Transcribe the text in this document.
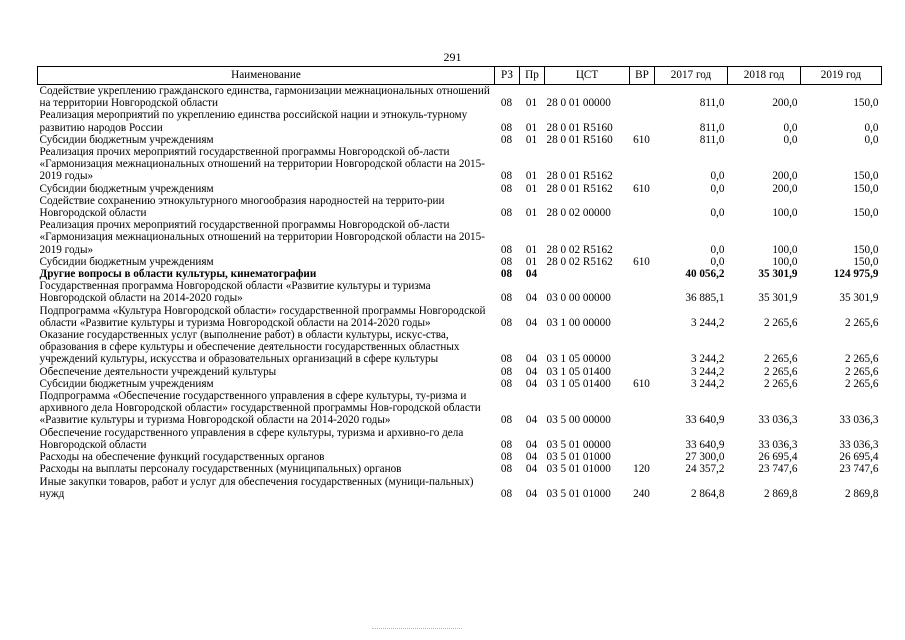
291
Наименование	РЗ	Пр	ЦСТ	ВР	2017 год	2018 год	2019 год
Содействие укреплению гражданского единства, гармонизации межнациональных отношений на территории Новгородской области	08	01	28 0 01 00000		811,0	200,0	150,0
Реализация мероприятий по укреплению единства российской нации и этнокуль-турному развитию народов России	08	01	28 0 01 R5160		811,0	0,0	0,0
Субсидии бюджетным учреждениям	08	01	28 0 01 R5160	610	811,0	0,0	0,0
Реализация прочих мероприятий государственной программы Новгородской об-ласти «Гармонизация межнациональных отношений на территории Новгородской области на 2015-2019 годы»	08	01	28 0 01 R5162		0,0	200,0	150,0
Субсидии бюджетным учреждениям	08	01	28 0 01 R5162	610	0,0	200,0	150,0
Содействие сохранению этнокультурного многообразия народностей на террито-рии Новгородской области	08	01	28 0 02 00000		0,0	100,0	150,0
Реализация прочих мероприятий государственной программы Новгородской об-ласти «Гармонизация межнациональных отношений на территории Новгородской области на 2015-2019 годы»	08	01	28 0 02 R5162		0,0	100,0	150,0
Субсидии бюджетным учреждениям	08	01	28 0 02 R5162	610	0,0	100,0	150,0
Другие вопросы в области культуры, кинематографии	08	04			40 056,2	35 301,9	124 975,9
Государственная программа Новгородской области «Развитие культуры и туризма Новгородской области на 2014-2020 годы»	08	04	03 0 00 00000		36 885,1	35 301,9	35 301,9
Подпрограмма «Культура Новгородской области» государственной программы Новгородской области «Развитие культуры и туризма Новгородской области на 2014-2020 годы»	08	04	03 1 00 00000		3 244,2	2 265,6	2 265,6
Оказание государственных услуг (выполнение работ) в области культуры, искус-ства, образования в сфере культуры и обеспечение деятельности государственных областных учреждений культуры, искусства и образовательных организаций в сфере культуры	08	04	03 1 05 00000		3 244,2	2 265,6	2 265,6
Обеспечение деятельности учреждений культуры	08	04	03 1 05 01400		3 244,2	2 265,6	2 265,6
Субсидии бюджетным учреждениям	08	04	03 1 05 01400	610	3 244,2	2 265,6	2 265,6
Подпрограмма «Обеспечение государственного управления в сфере культуры, ту-ризма и архивного дела Новгородской области» государственной программы Нов-городской области «Развитие культуры и туризма Новгородской области на 2014-2020 годы»	08	04	03 5 00 00000		33 640,9	33 036,3	33 036,3
Обеспечение государственного управления в сфере культуры, туризма и архивно-го дела Новгородской области	08	04	03 5 01 00000		33 640,9	33 036,3	33 036,3
Расходы на обеспечение функций государственных органов	08	04	03 5 01 01000		27 300,0	26 695,4	26 695,4
Расходы на выплаты персоналу государственных (муниципальных) органов	08	04	03 5 01 01000	120	24 357,2	23 747,6	23 747,6
Иные закупки товаров, работ и услуг для обеспечения государственных (муници-пальных) нужд	08	04	03 5 01 01000	240	2 864,8	2 869,8	2 869,8
